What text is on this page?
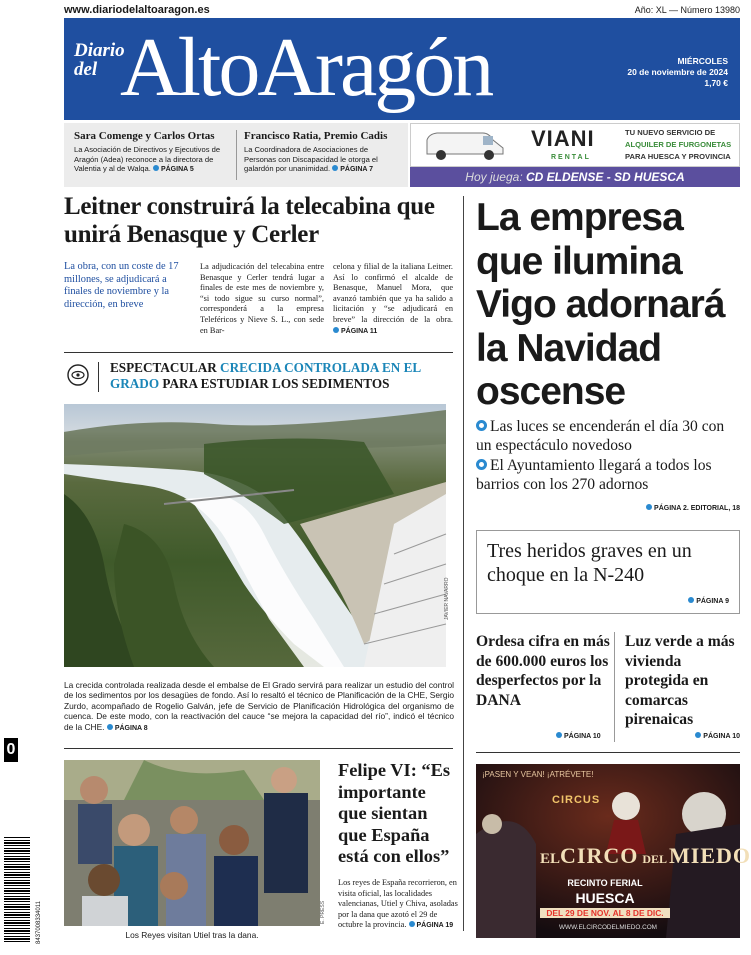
www.diariodelaltoaragon.es	Año: XL — Número 13980
Diario
del AltoAragón	MIÉRCOLES
20 de noviembre de 2024
1,70 €
Sara Comenge y Carlos Ortas
La Asociación de Directivos y Ejecutivos de Aragón (Adea) reconoce a la directora de Valentia y al de Walqa. PÁGINA 5
Francisco Ratia, Premio Cadis
La Coordinadora de Asociaciones de Personas con Discapacidad le otorga el galardón por unanimidad. PÁGINA 7
VIANI
RENTAL
TU NUEVO SERVICIO DE
ALQUILER DE FURGONETAS
PARA HUESCA Y PROVINCIA
Hoy juega: CD ELDENSE - SD HUESCA
Leitner construirá la telecabina que unirá Benasque y Cerler
La obra, con un coste de 17 millones, se adjudicará a finales de noviembre y la dirección, en breve
La adjudicación del telecabina entre Benasque y Cerler tendrá lugar a finales de este mes de noviembre y, “si todo sigue su curso normal”, corresponderá a la empresa Teleféricos y Nieve S. L., con sede en Bar-
celona y filial de la italiana Leitner. Así lo confirmó el alcalde de Benasque, Manuel Mora, que avanzó también que ya ha salido a licitación y “se adjudicará en breve” la dirección de la obra. PÁGINA 11
ESPECTACULAR CRECIDA CONTROLADA EN EL GRADO PARA ESTUDIAR LOS SEDIMENTOS
JAVIER NAVARRO
La crecida controlada realizada desde el embalse de El Grado servirá para realizar un estudio del control de los sedimentos por los desagües de fondo. Así lo resaltó el técnico de Planificación de la CHE, Sergio Zurdo, acompañado de Rogelio Galván, jefe de Servicio de Planificación Hidrológica del organismo de cuenca. De este modo, con la reactivación del cauce “se mejora la capacidad del río”, indicó el técnico de la CHE. PÁGINA 8
E. PRESS
Los Reyes visitan Utiel tras la dana.
Felipe VI: “Es importante que sientan que España está con ellos”
Los reyes de España recorrieron, en visita oficial, las localidades valencianas, Utiel y Chiva, asoladas por la dana que azotó el 29 de octubre la provincia. PÁGINA 19
La empresa que ilumina Vigo adornará la Navidad oscense
Las luces se encenderán el día 30 con un espectáculo novedoso
El Ayuntamiento llegará a todos los barrios con los 270 adornos
PÁGINA 2. EDITORIAL, 18
Tres heridos graves en un choque en la N-240
PÁGINA 9
Ordesa cifra en más de 600.000 euros los desperfectos por la DANA
PÁGINA 10
Luz verde a más vivienda protegida en comarcas pirenaicas
PÁGINA 10
¡PASEN Y VEAN! ¡ATRÉVETE!
CIRCUS
ELCIRCO DELMIEDO
RECINTO FERIAL
HUESCA
DEL 29 DE NOV. AL 8 DE DIC.
WWW.ELCIRCODELMIEDO.COM
0
8437008334011
